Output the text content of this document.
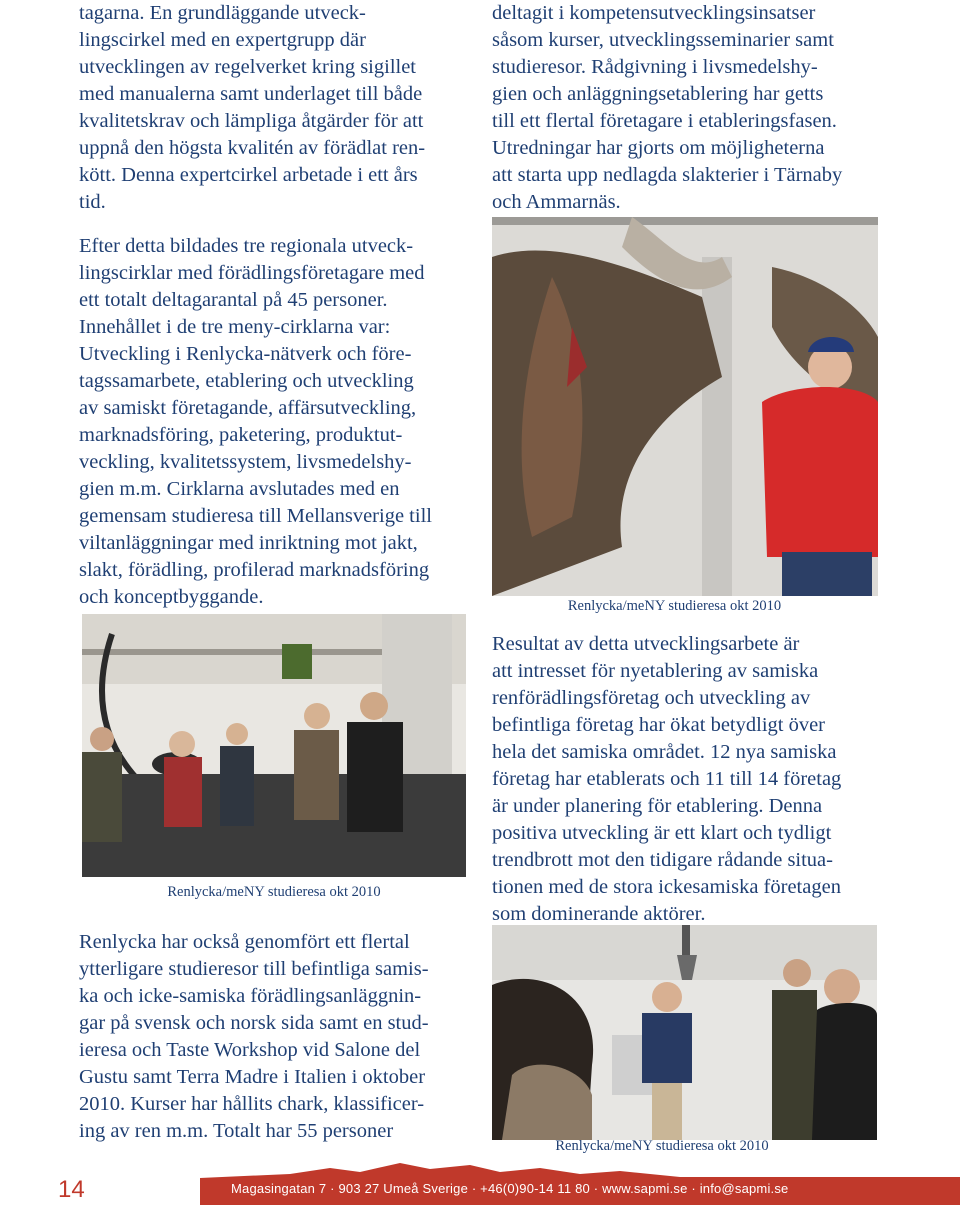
tagarna. En grundläggande utveck-
lingscirkel med en expertgrupp där
utvecklingen av regelverket kring sigillet
med manualerna samt underlaget till både
kvalitetskrav och lämpliga åtgärder för att
uppnå den högsta kvalitén av förädlat ren-
kött. Denna expertcirkel arbetade i ett års
tid.

Efter detta bildades tre regionala utveck-
lingscirklar med förädlingsföretagare med
ett totalt deltagarantal på 45 personer.
Innehållet i de tre meny-cirklarna var:
Utveckling i Renlycka-nätverk och före-
tagssamarbete, etablering och utveckling
av samiskt företagande, affärsutveckling,
marknadsföring, paketering, produktut-
veckling, kvalitetssystem, livsmedelshy-
gien m.m. Cirklarna avslutades med en
gemensam studieresa till Mellansverige till
viltanläggningar med inriktning mot jakt,
slakt, förädling, profilerad marknadsföring
och konceptbyggande.

Renlycka/meNY studieresa okt 2010

Renlycka har också genomfört ett flertal
ytterligare studieresor till befintliga samis-
ka och icke-samiska förädlingsanläggnin-
gar på svensk och norsk sida samt en stud-
ieresa och Taste Workshop vid Salone del
Gustu samt Terra Madre i Italien i oktober
2010. Kurser har hållits chark, klassificer-
ing av ren m.m. Totalt har 55 personer

deltagit i kompetensutvecklingsinsatser
såsom kurser, utvecklingsseminarier samt
studieresor. Rådgivning i livsmedelshy-
gien och anläggningsetablering har getts
till ett flertal företagare i etableringsfasen.
Utredningar har gjorts om möjligheterna
att starta upp nedlagda slakterier i Tärnaby
och Ammarnäs.

Renlycka/meNY studieresa okt 2010

Resultat av detta utvecklingsarbete är
att intresset för nyetablering av samiska
renförädlingsföretag och utveckling av
befintliga företag har ökat betydligt över
hela det samiska området. 12 nya samiska
företag har etablerats och 11 till 14 företag
är under planering för etablering. Denna
positiva utveckling är ett klart och tydligt
trendbrott mot den tidigare rådande situa-
tionen med de stora ickesamiska företagen
som dominerande aktörer.

Renlycka/meNY studieresa okt 2010
14	Magasingatan 7 · 903 27 Umeå Sverige · +46(0)90-14 11 80 · www.sapmi.se · info@sapmi.se
